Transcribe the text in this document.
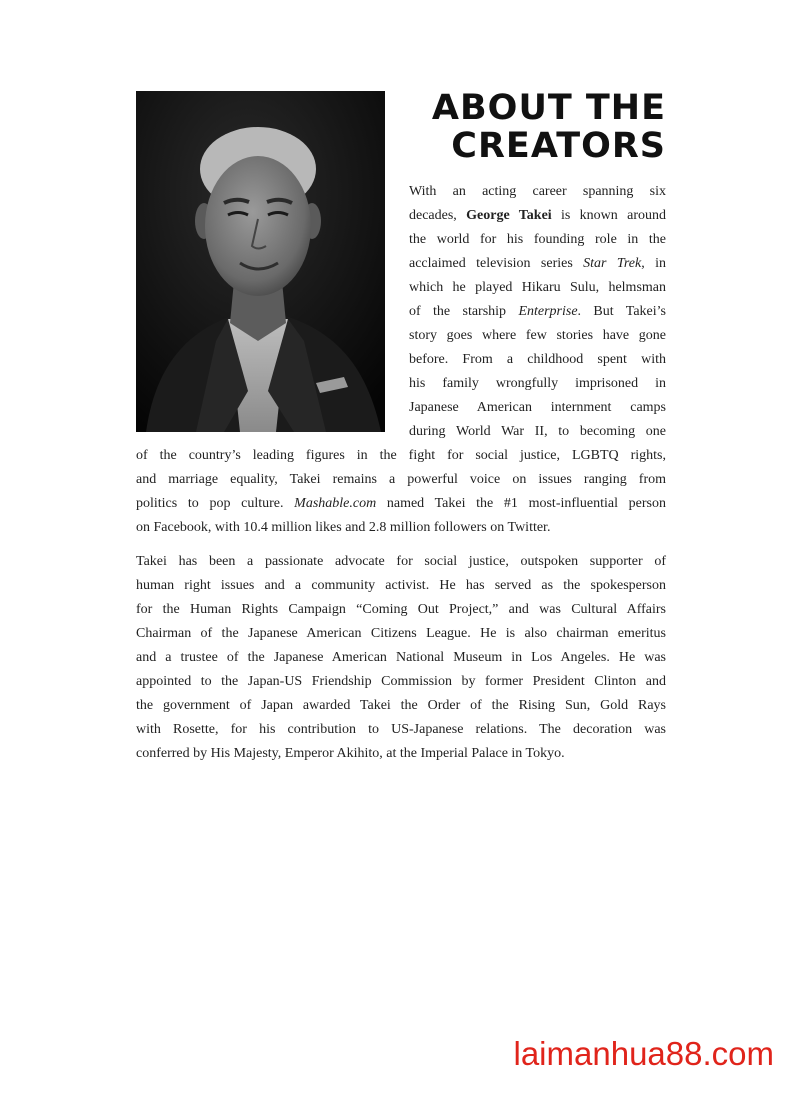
ABOUT THE
CREATORS
With an acting career spanning six
decades, George Takei is known around
the world for his founding role in the
acclaimed television series Star Trek, in
which he played Hikaru Sulu, helmsman
of the starship Enterprise. But Takei’s
story goes where few stories have gone
before. From a childhood spent with
his family wrongfully imprisoned in
Japanese American internment camps
during World War II, to becoming one
of the country’s leading figures in the fight for social justice, LGBTQ rights,
and marriage equality, Takei remains a powerful voice on issues ranging from
politics to pop culture. Mashable.com named Takei the #1 most-influential person
on Facebook, with 10.4 million likes and 2.8 million followers on Twitter.
Takei has been a passionate advocate for social justice, outspoken supporter of
human right issues and a community activist. He has served as the spokesperson
for the Human Rights Campaign “Coming Out Project,” and was Cultural Affairs
Chairman of the Japanese American Citizens League. He is also chairman emeritus
and a trustee of the Japanese American National Museum in Los Angeles. He was
appointed to the Japan-US Friendship Commission by former President Clinton and
the government of Japan awarded Takei the Order of the Rising Sun, Gold Rays
with Rosette, for his contribution to US-Japanese relations. The decoration was
conferred by His Majesty, Emperor Akihito, at the Imperial Palace in Tokyo.
laimanhua88.com
